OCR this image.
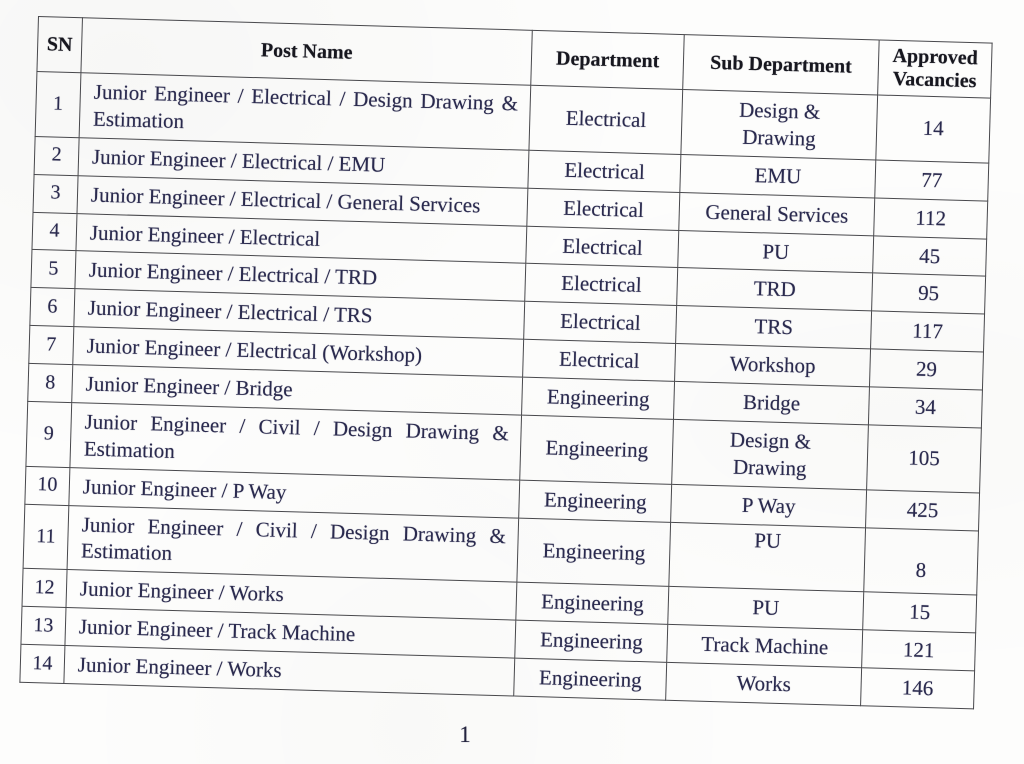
SN	Post Name	Department	Sub Department	Approved Vacancies
1	Junior Engineer / Electrical / Design Drawing & Estimation	Electrical	Design & Drawing	14
2	Junior Engineer / Electrical / EMU	Electrical	EMU	77
3	Junior Engineer / Electrical / General Services	Electrical	General Services	112
4	Junior Engineer / Electrical	Electrical	PU	45
5	Junior Engineer / Electrical / TRD	Electrical	TRD	95
6	Junior Engineer / Electrical / TRS	Electrical	TRS	117
7	Junior Engineer / Electrical (Workshop)	Electrical	Workshop	29
8	Junior Engineer / Bridge	Engineering	Bridge	34
9	Junior Engineer / Civil / Design Drawing & Estimation	Engineering	Design & Drawing	105
10	Junior Engineer / P Way	Engineering	P Way	425
11	Junior Engineer / Civil / Design Drawing & Estimation	Engineering	PU	8
12	Junior Engineer / Works	Engineering	PU	15
13	Junior Engineer / Track Machine	Engineering	Track Machine	121
14	Junior Engineer / Works	Engineering	Works	146
1
